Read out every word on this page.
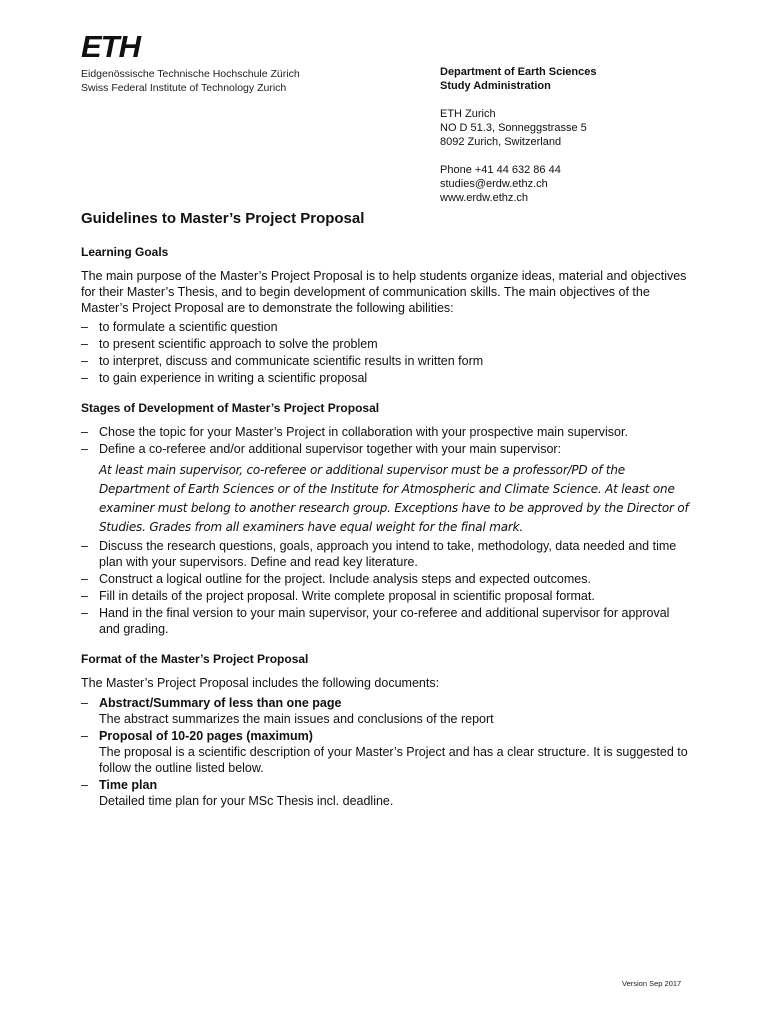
ETH
Eidgenössische Technische Hochschule Zürich
Swiss Federal Institute of Technology Zurich
Department of Earth Sciences
Study Administration
ETH Zurich
NO D 51.3, Sonneggstrasse 5
8092 Zurich, Switzerland
Phone +41 44 632 86 44
studies@erdw.ethz.ch
www.erdw.ethz.ch
Guidelines to Master’s Project Proposal
Learning Goals
The main purpose of the Master’s Project Proposal is to help students organize ideas, material and objectives for their Master’s Thesis, and to begin development of communication skills. The main objectives of the Master’s Project Proposal are to demonstrate the following abilities:
– to formulate a scientific question
– to present scientific approach to solve the problem
– to interpret, discuss and communicate scientific results in written form
– to gain experience in writing a scientific proposal
Stages of Development of Master’s Project Proposal
– Chose the topic for your Master’s Project in collaboration with your prospective main supervisor.
– Define a co-referee and/or additional supervisor together with your main supervisor:
At least main supervisor, co-referee or additional supervisor must be a professor/PD of the Department of Earth Sciences or of the Institute for Atmospheric and Climate Science. At least one examiner must belong to another research group. Exceptions have to be approved by the Director of Studies. Grades from all examiners have equal weight for the final mark.
– Discuss the research questions, goals, approach you intend to take, methodology, data needed and time plan with your supervisors. Define and read key literature.
– Construct a logical outline for the project. Include analysis steps and expected outcomes.
– Fill in details of the project proposal. Write complete proposal in scientific proposal format.
– Hand in the final version to your main supervisor, your co-referee and additional supervisor for approval and grading.
Format of the Master’s Project Proposal
The Master’s Project Proposal includes the following documents:
– Abstract/Summary of less than one page
The abstract summarizes the main issues and conclusions of the report
– Proposal of 10-20 pages (maximum)
The proposal is a scientific description of your Master’s Project and has a clear structure. It is suggested to follow the outline listed below.
– Time plan
Detailed time plan for your MSc Thesis incl. deadline.
Version Sep 2017
